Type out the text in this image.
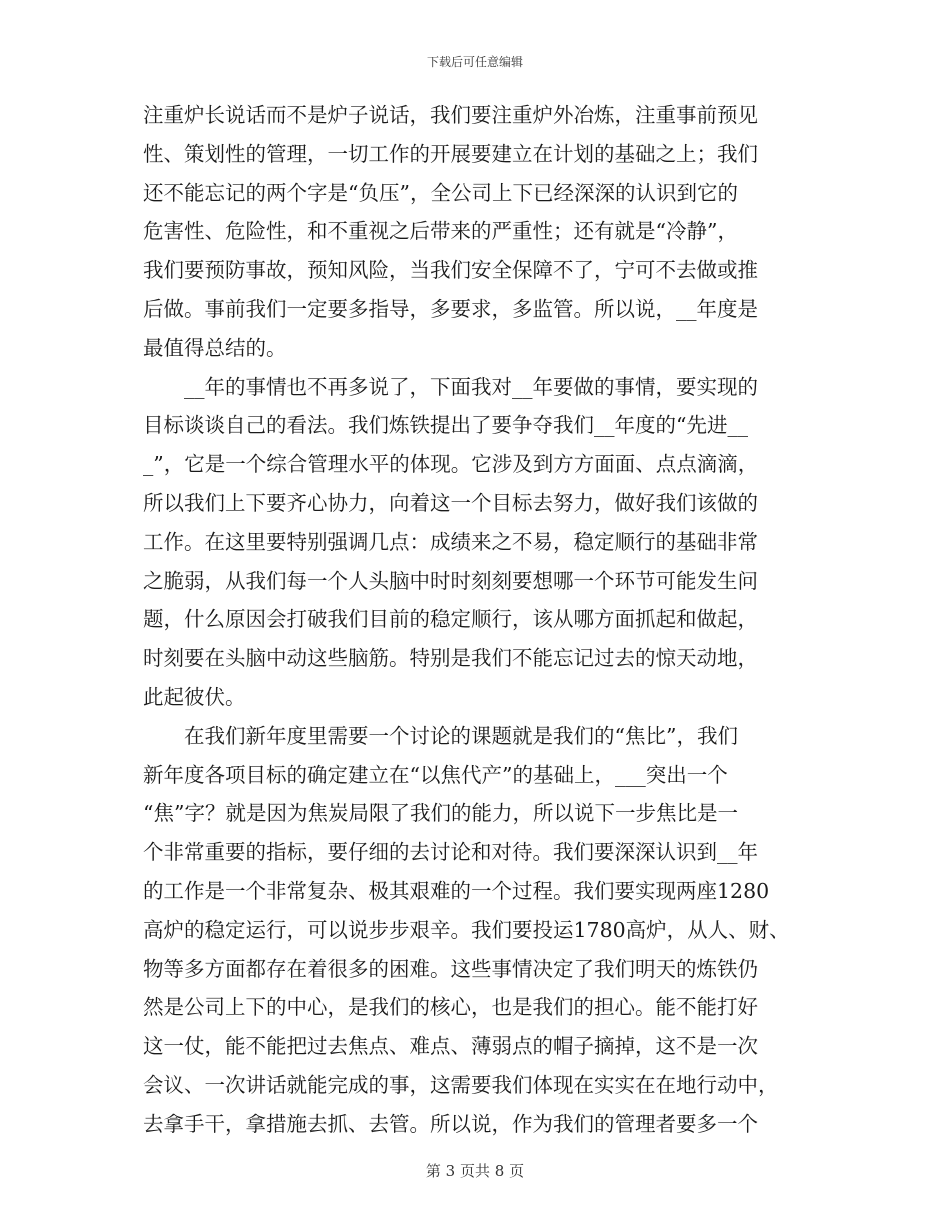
下载后可任意编辑
注重炉长说话而不是炉子说话，我们要注重炉外冶炼，注重事前预见
性、策划性的管理，一切工作的开展要建立在计划的基础之上；我们
还不能忘记的两个字是“负压”，全公司上下已经深深的认识到它的
危害性、危险性，和不重视之后带来的严重性；还有就是“冷静”，
我们要预防事故，预知风险，当我们安全保障不了，宁可不去做或推
后做。事前我们一定要多指导，多要求，多监管。所以说，__年度是
最值得总结的。
　　__年的事情也不再多说了，下面我对__年要做的事情，要实现的
目标谈谈自己的看法。我们炼铁提出了要争夺我们__年度的“先进__
_”，它是一个综合管理水平的体现。它涉及到方方面面、点点滴滴，
所以我们上下要齐心协力，向着这一个目标去努力，做好我们该做的
工作。在这里要特别强调几点：成绩来之不易，稳定顺行的基础非常
之脆弱，从我们每一个人头脑中时时刻刻要想哪一个环节可能发生问
题，什么原因会打破我们目前的稳定顺行，该从哪方面抓起和做起，
时刻要在头脑中动这些脑筋。特别是我们不能忘记过去的惊天动地，
此起彼伏。
　　在我们新年度里需要一个讨论的课题就是我们的“焦比”，我们
新年度各项目标的确定建立在“以焦代产”的基础上，___突出一个
“焦”字？就是因为焦炭局限了我们的能力，所以说下一步焦比是一
个非常重要的指标，要仔细的去讨论和对待。我们要深深认识到__年
的工作是一个非常复杂、极其艰难的一个过程。我们要实现两座1280
高炉的稳定运行，可以说步步艰辛。我们要投运1780高炉，从人、财、
物等多方面都存在着很多的困难。这些事情决定了我们明天的炼铁仍
然是公司上下的中心，是我们的核心，也是我们的担心。能不能打好
这一仗，能不能把过去焦点、难点、薄弱点的帽子摘掉，这不是一次
会议、一次讲话就能完成的事，这需要我们体现在实实在在地行动中，
去拿手干，拿措施去抓、去管。所以说，作为我们的管理者要多一个
第 3 页共 8 页
